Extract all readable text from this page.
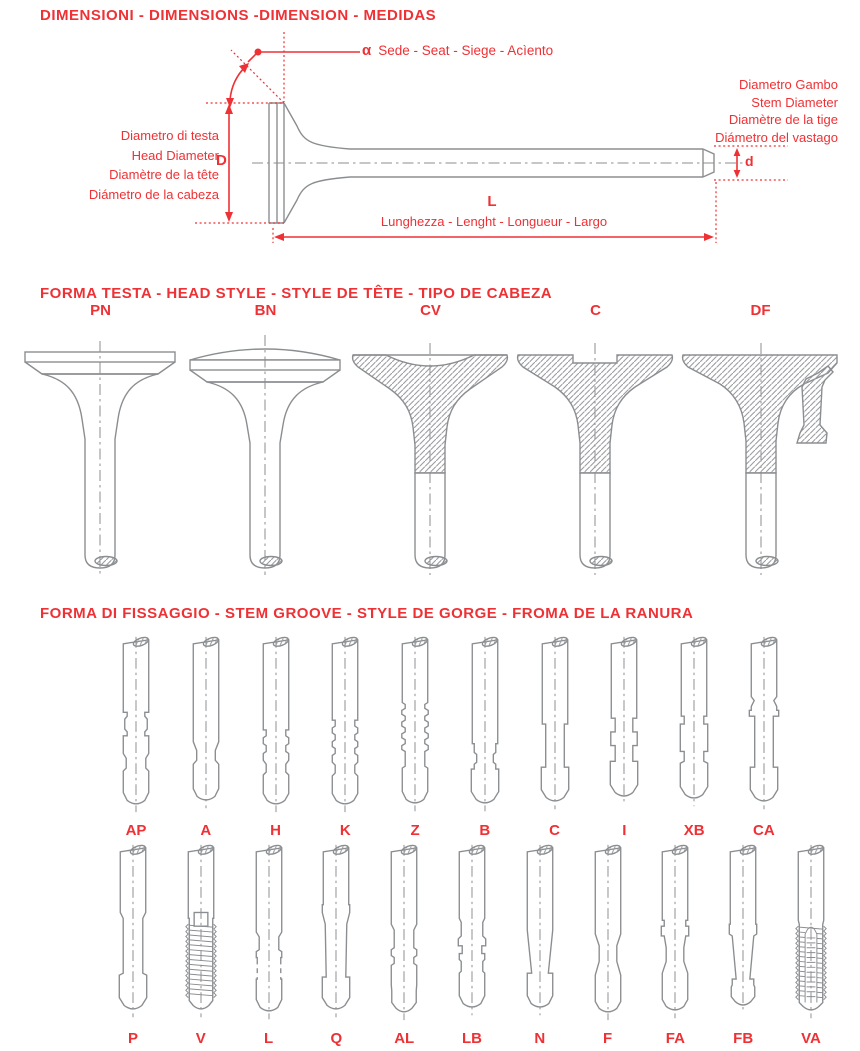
DIMENSIONI - DIMENSIONS -DIMENSION - MEDIDAS
α Sede - Seat - Siege - Acìento
Diametro Gambo
Stem Diameter
Diamètre de la tige
Diámetro del vastago
Diametro di testa
Head Diameter
Diamètre de la tête
Diámetro de la cabeza
D	d
L
Lunghezza - Lenght - Longueur - Largo
FORMA TESTA - HEAD STYLE - STYLE DE TÊTE - TIPO DE CABEZA
PN	BN	CV	C	DF
FORMA DI FISSAGGIO - STEM GROOVE - STYLE DE GORGE - FROMA DE LA RANURA
AP	A	H	K	Z	B	C	I	XB	CA
P	V	L	Q	AL	LB	N	F	FA	FB	VA
